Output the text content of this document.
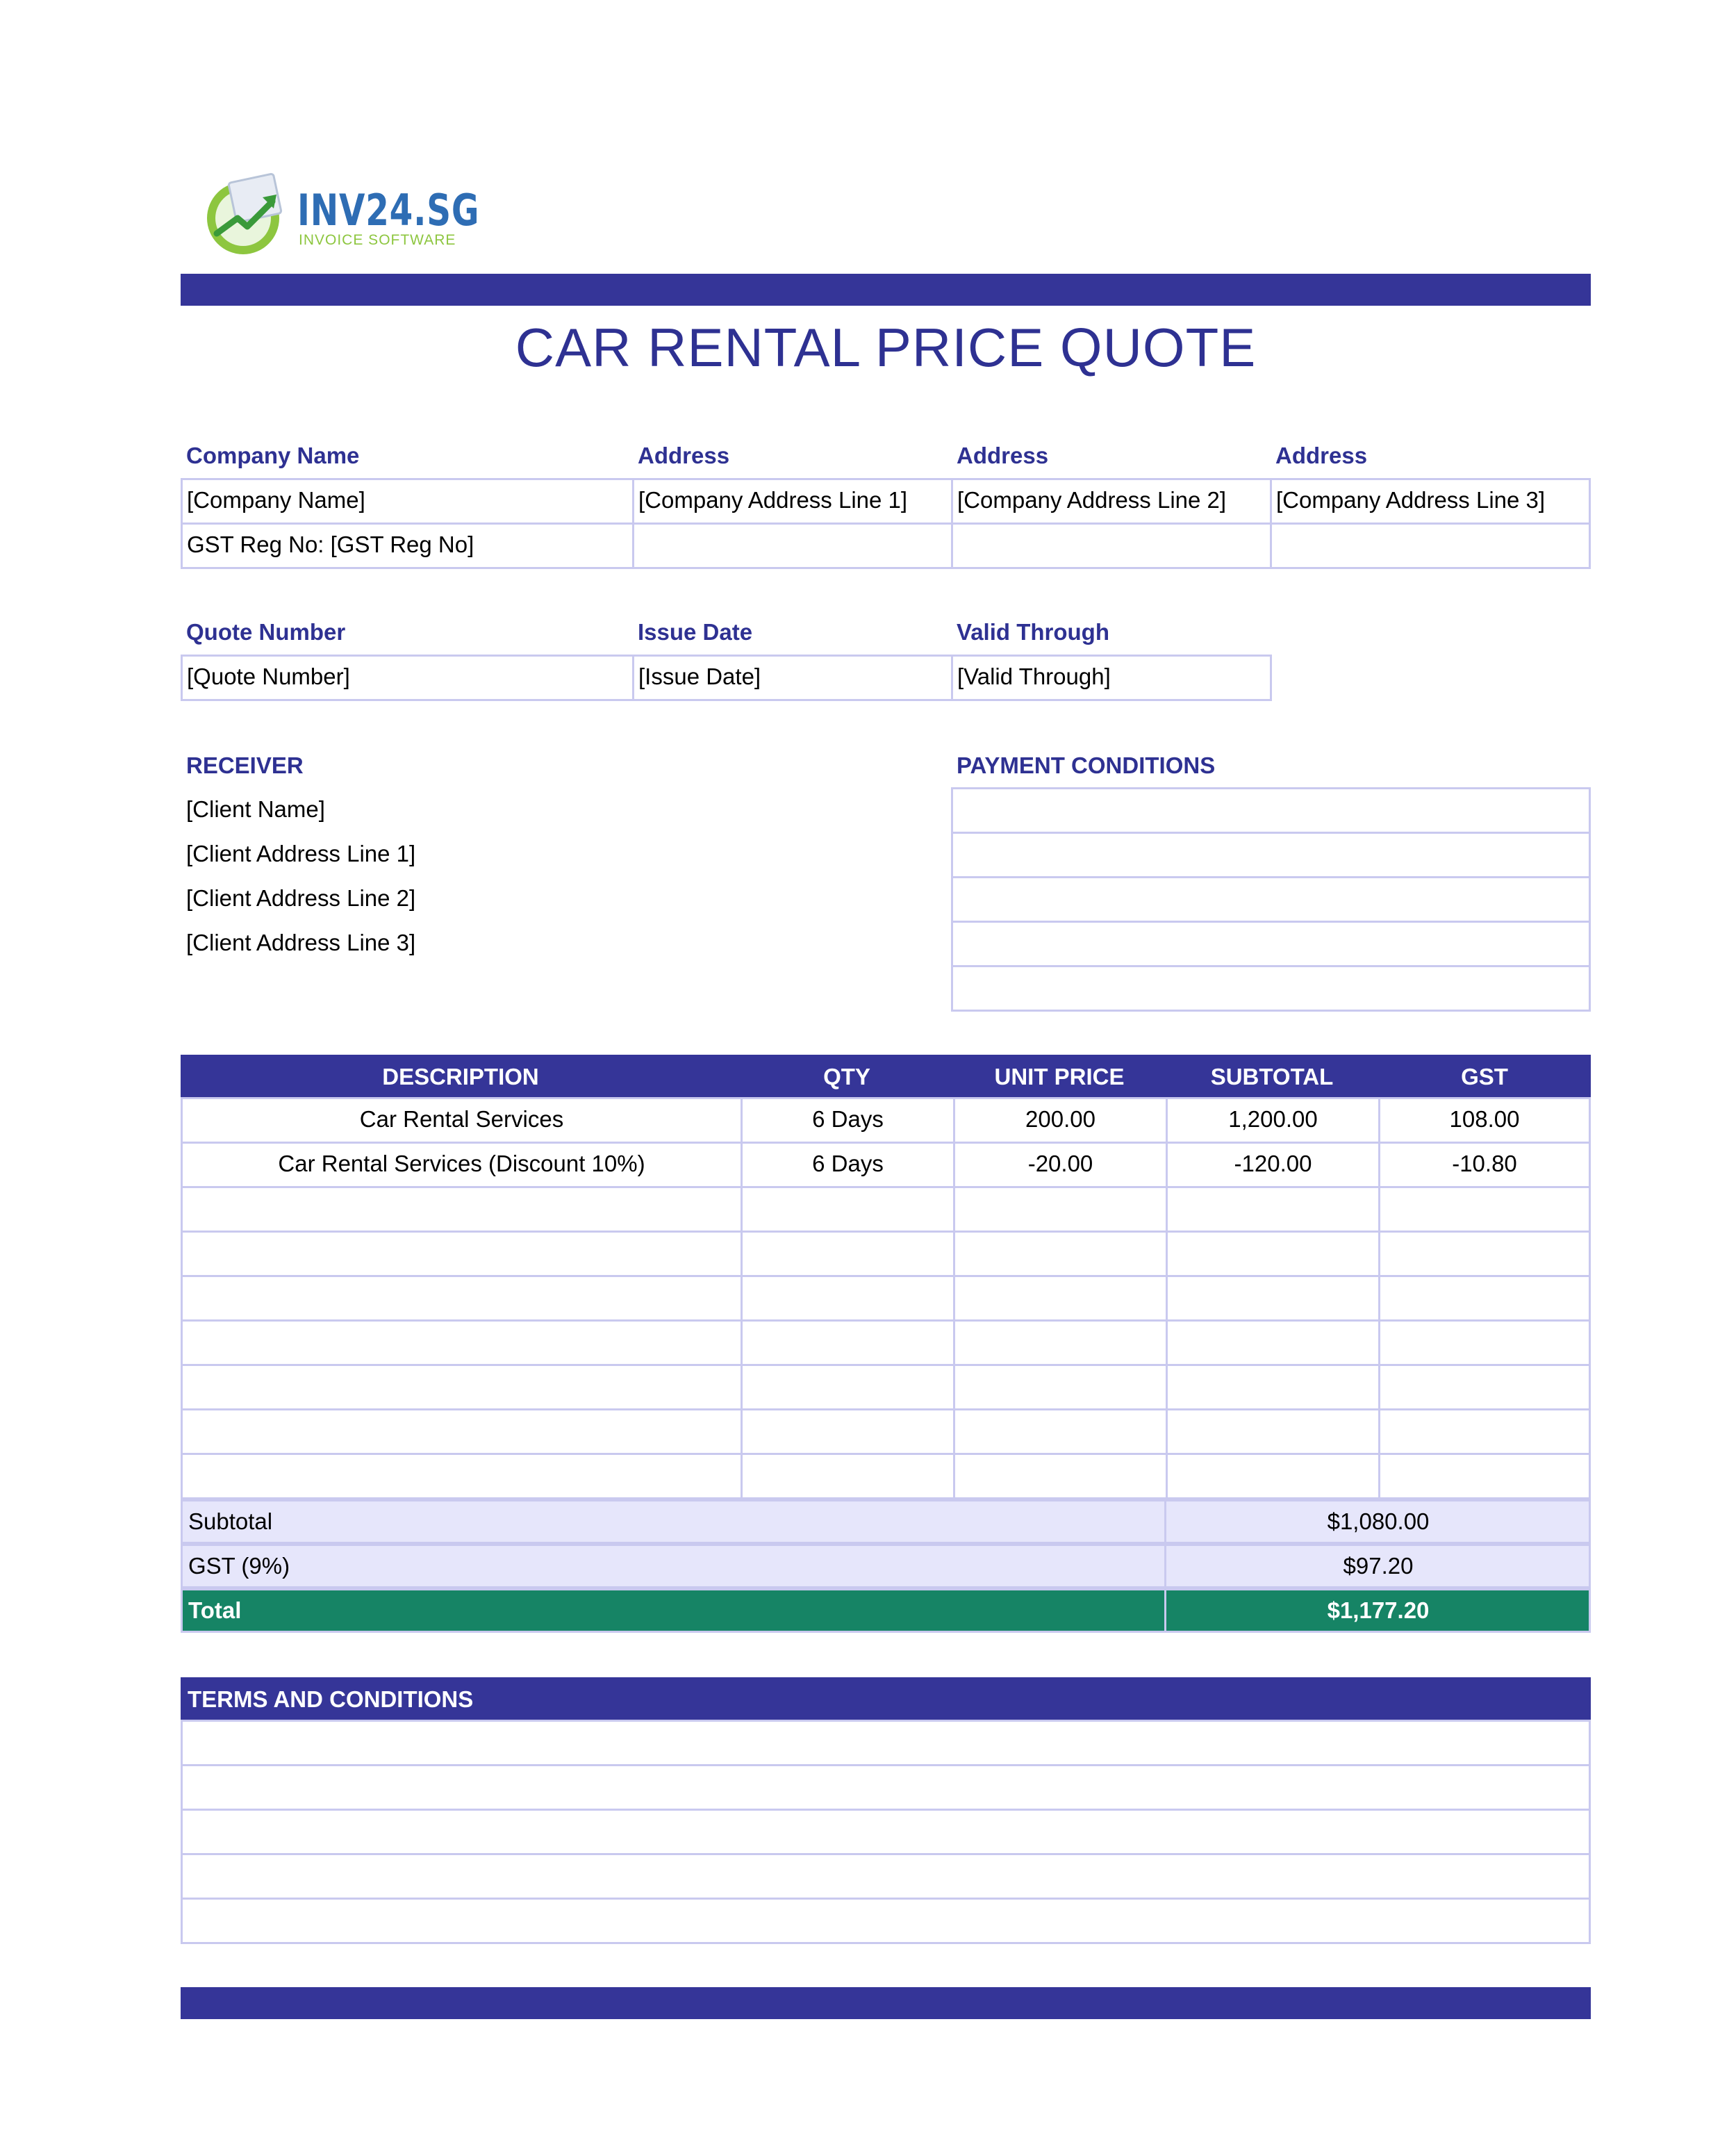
INV24.SG
INVOICE SOFTWARE
CAR RENTAL PRICE QUOTE
Company Name	Address	Address	Address
[Company Name]	[Company Address Line 1]	[Company Address Line 2]	[Company Address Line 3]
GST Reg No: [GST Reg No]
Quote Number	Issue Date	Valid Through
[Quote Number]	[Issue Date]	[Valid Through]
RECEIVER
[Client Name]
[Client Address Line 1]
[Client Address Line 2]
[Client Address Line 3]
PAYMENT CONDITIONS
DESCRIPTION	QTY	UNIT PRICE	SUBTOTAL	GST
Car Rental Services	6 Days	200.00	1,200.00	108.00
Car Rental Services (Discount 10%)	6 Days	-20.00	-120.00	-10.80
Subtotal	$1,080.00
GST (9%)	$97.20
Total	$1,177.20
TERMS AND CONDITIONS
